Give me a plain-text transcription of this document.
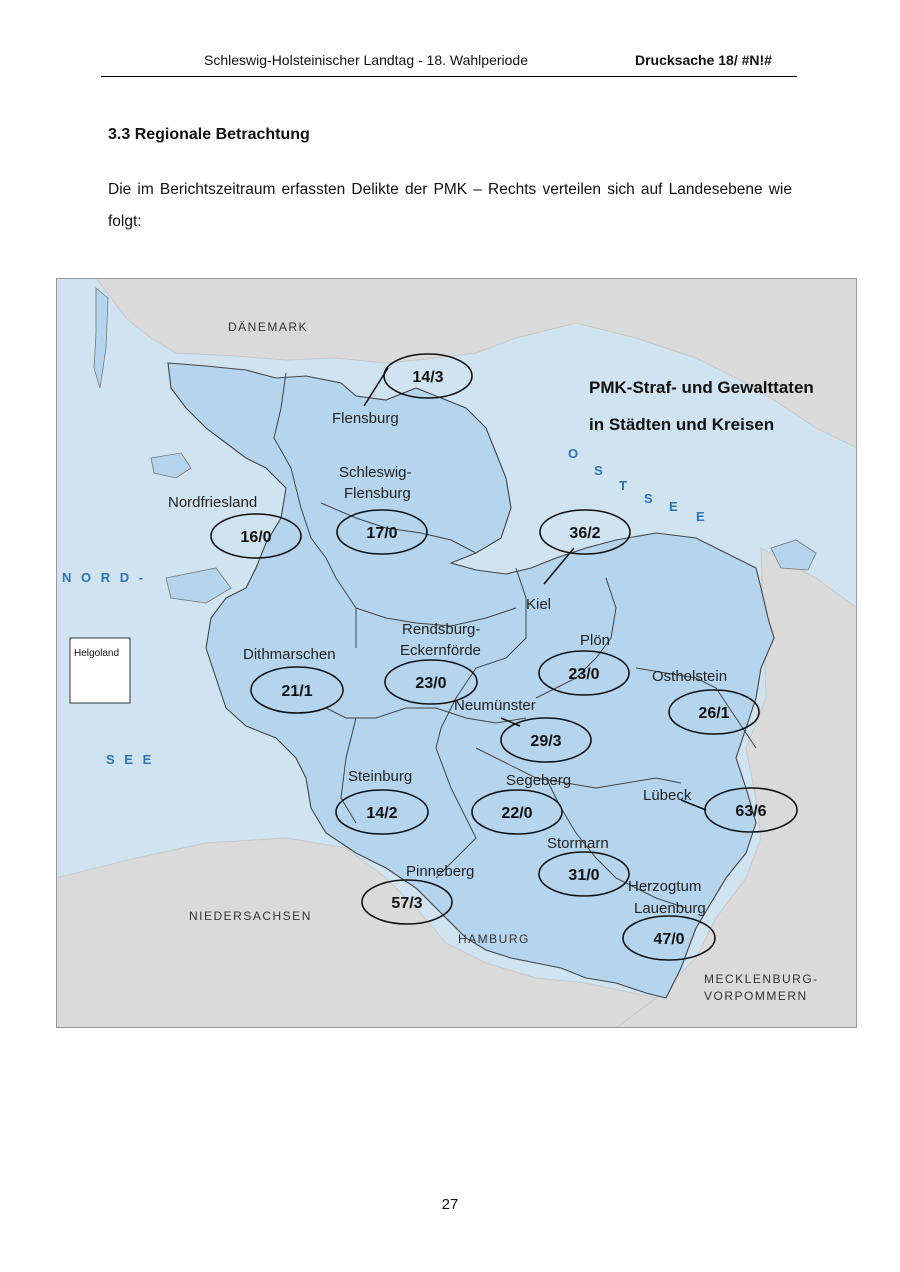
Schleswig-Holsteinischer Landtag - 18. Wahlperiode	Drucksache 18/ #N!#
3.3 Regionale Betrachtung
Die im Berichtszeitraum erfassten Delikte der PMK – Rechts verteilen sich auf Landesebene wie folgt:
Helgoland
DÄNEMARK
N O R D -
S E E
O
S
T
S
E
E
NIEDERSACHSEN
HAMBURG
MECKLENBURG-
VORPOMMERN
PMK-Straf- und Gewalttaten
in Städten und Kreisen
Flensburg
Schleswig-
Flensburg
Nordfriesland
Kiel
Dithmarschen
Rendsburg-
Eckernförde
Plön
Ostholstein
Neumünster
Steinburg	Segeberg
Lübeck
Stormarn
Pinneberg
Herzogtum
Lauenburg
14/3
17/0
16/0	36/2
21/1	23/0
23/0
26/1
29/3
14/2	22/0	63/6
31/0
57/3
47/0
27
